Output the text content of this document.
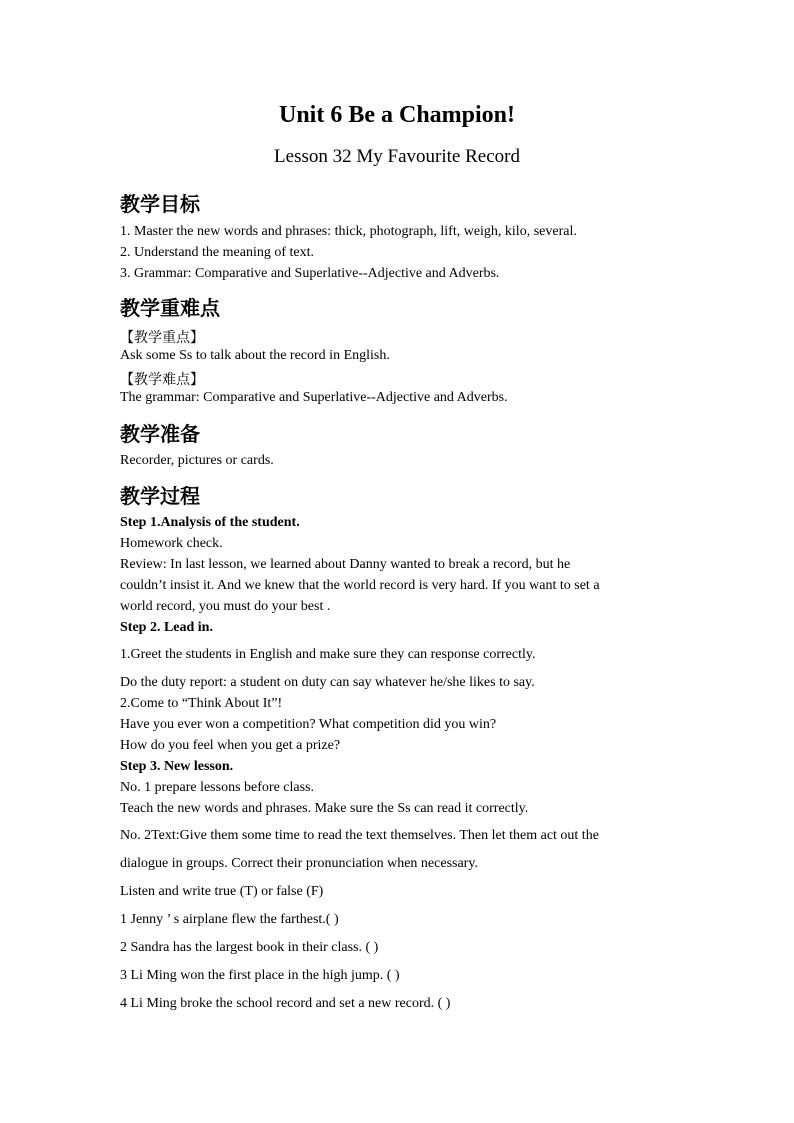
Unit 6 Be a Champion!
Lesson 32 My Favourite Record
教学目标
1. Master the new words and phrases: thick, photograph, lift, weigh, kilo, several.
2. Understand the meaning of text.
3. Grammar: Comparative and Superlative--Adjective and Adverbs.
教学重难点
【教学重点】
Ask some Ss to talk about the record in English.
【教学难点】
The grammar: Comparative and Superlative--Adjective and Adverbs.
教学准备
Recorder, pictures or cards.
教学过程
Step 1.Analysis of the student.
Homework check.
Review: In last lesson, we learned about Danny wanted to break a record, but he
couldn’t insist it. And we knew that the world record is very hard. If you want to set a
world record, you must do your best .
Step 2. Lead in.
1.Greet the students in English and make sure they can response correctly.
Do the duty report: a student on duty can say whatever he/she likes to say.
2.Come to “Think About It”!
Have you ever won a competition? What competition did you win?
How do you feel when you get a prize?
Step 3. New lesson.
No. 1 prepare lessons before class.
Teach the new words and phrases. Make sure the Ss can read it correctly.
No. 2Text:Give them some time to read the text themselves. Then let them act out the
dialogue in groups. Correct their pronunciation when necessary.
Listen and write true (T) or false (F)
1 Jenny ’ s airplane flew the farthest.( )
2 Sandra has the largest book in their class. ( )
3 Li Ming won the first place in the high jump. ( )
4 Li Ming broke the school record and set a new record. ( )
